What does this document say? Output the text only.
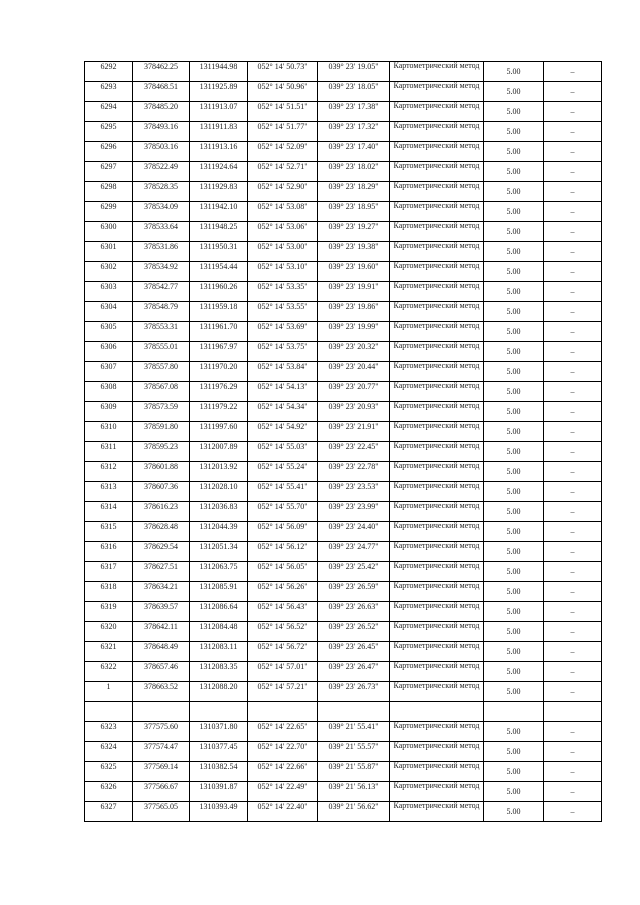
6292	378462.25	1311944.98	052° 14' 50.73"	039° 23' 19.05"	Картометрический метод	5.00	–
6293	378468.51	1311925.89	052° 14' 50.96"	039° 23' 18.05"	Картометрический метод	5.00	–
6294	378485.20	1311913.07	052° 14' 51.51"	039° 23' 17.38"	Картометрический метод	5.00	–
6295	378493.16	1311911.83	052° 14' 51.77"	039° 23' 17.32"	Картометрический метод	5.00	–
6296	378503.16	1311913.16	052° 14' 52.09"	039° 23' 17.40"	Картометрический метод	5.00	–
6297	378522.49	1311924.64	052° 14' 52.71"	039° 23' 18.02"	Картометрический метод	5.00	–
6298	378528.35	1311929.83	052° 14' 52.90"	039° 23' 18.29"	Картометрический метод	5.00	–
6299	378534.09	1311942.10	052° 14' 53.08"	039° 23' 18.95"	Картометрический метод	5.00	–
6300	378533.64	1311948.25	052° 14' 53.06"	039° 23' 19.27"	Картометрический метод	5.00	–
6301	378531.86	1311950.31	052° 14' 53.00"	039° 23' 19.38"	Картометрический метод	5.00	–
6302	378534.92	1311954.44	052° 14' 53.10"	039° 23' 19.60"	Картометрический метод	5.00	–
6303	378542.77	1311960.26	052° 14' 53.35"	039° 23' 19.91"	Картометрический метод	5.00	–
6304	378548.79	1311959.18	052° 14' 53.55"	039° 23' 19.86"	Картометрический метод	5.00	–
6305	378553.31	1311961.70	052° 14' 53.69"	039° 23' 19.99"	Картометрический метод	5.00	–
6306	378555.01	1311967.97	052° 14' 53.75"	039° 23' 20.32"	Картометрический метод	5.00	–
6307	378557.80	1311970.20	052° 14' 53.84"	039° 23' 20.44"	Картометрический метод	5.00	–
6308	378567.08	1311976.29	052° 14' 54.13"	039° 23' 20.77"	Картометрический метод	5.00	–
6309	378573.59	1311979.22	052° 14' 54.34"	039° 23' 20.93"	Картометрический метод	5.00	–
6310	378591.80	1311997.60	052° 14' 54.92"	039° 23' 21.91"	Картометрический метод	5.00	–
6311	378595.23	1312007.89	052° 14' 55.03"	039° 23' 22.45"	Картометрический метод	5.00	–
6312	378601.88	1312013.92	052° 14' 55.24"	039° 23' 22.78"	Картометрический метод	5.00	–
6313	378607.36	1312028.10	052° 14' 55.41"	039° 23' 23.53"	Картометрический метод	5.00	–
6314	378616.23	1312036.83	052° 14' 55.70"	039° 23' 23.99"	Картометрический метод	5.00	–
6315	378628.48	1312044.39	052° 14' 56.09"	039° 23' 24.40"	Картометрический метод	5.00	–
6316	378629.54	1312051.34	052° 14' 56.12"	039° 23' 24.77"	Картометрический метод	5.00	–
6317	378627.51	1312063.75	052° 14' 56.05"	039° 23' 25.42"	Картометрический метод	5.00	–
6318	378634.21	1312085.91	052° 14' 56.26"	039° 23' 26.59"	Картометрический метод	5.00	–
6319	378639.57	1312086.64	052° 14' 56.43"	039° 23' 26.63"	Картометрический метод	5.00	–
6320	378642.11	1312084.48	052° 14' 56.52"	039° 23' 26.52"	Картометрический метод	5.00	–
6321	378648.49	1312083.11	052° 14' 56.72"	039° 23' 26.45"	Картометрический метод	5.00	–
6322	378657.46	1312083.35	052° 14' 57.01"	039° 23' 26.47"	Картометрический метод	5.00	–
1	378663.52	1312088.20	052° 14' 57.21"	039° 23' 26.73"	Картометрический метод	5.00	–

6323	377575.60	1310371.80	052° 14' 22.65"	039° 21' 55.41"	Картометрический метод	5.00	–
6324	377574.47	1310377.45	052° 14' 22.70"	039° 21' 55.57"	Картометрический метод	5.00	–
6325	377569.14	1310382.54	052° 14' 22.66"	039° 21' 55.87"	Картометрический метод	5.00	–
6326	377566.67	1310391.87	052° 14' 22.49"	039° 21' 56.13"	Картометрический метод	5.00	–
6327	377565.05	1310393.49	052° 14' 22.40"	039° 21' 56.62"	Картометрический метод	5.00	–
